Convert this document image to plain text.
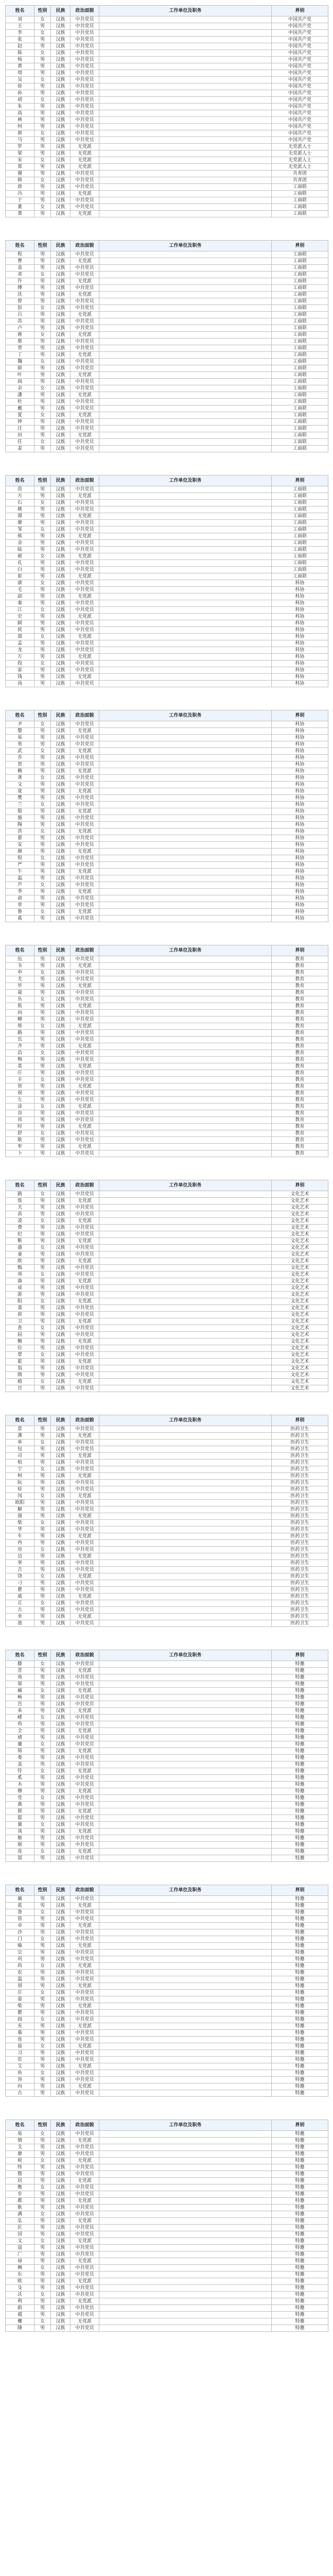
姓名	性别	民族	政治面貌	工作单位及职务	界别
刘	女	汉族	中共党员		中国共产党
王	男	汉族	中共党员		中国共产党
李	女	汉族	中共党员		中国共产党
张	男	汉族	中共党员		中国共产党
赵	男	汉族	中共党员		中国共产党
陈	女	汉族	中共党员		中国共产党
杨	男	汉族	中共党员		中国共产党
黄	男	汉族	中共党员		中国共产党
周	男	汉族	中共党员		中国共产党
吴	女	汉族	中共党员		中国共产党
徐	男	汉族	中共党员		中国共产党
孙	男	汉族	中共党员		中国共产党
胡	女	汉族	中共党员		中国共产党
朱	男	汉族	中共党员		中国共产党
高	男	汉族	中共党员		中国共产党
林	男	汉族	中共党员		中国共产党
何	男	汉族	中共党员		中国共产党
郭	女	汉族	中共党员		中国共产党
马	男	汉族	中共党员		中国共产党
罗	男	汉族	无党派		无党派人士
梁	男	汉族	无党派		无党派人士
宋	女	汉族	无党派		无党派人士
郑	男	汉族	无党派		无党派人士
谢	男	汉族	中共党员		共青团
韩	女	汉族	中共党员		共青团
唐	男	汉族	中共党员		工商联
冯	男	汉族	无党派		工商联
于	男	汉族	中共党员		工商联
董	女	汉族	中共党员		工商联
萧	男	汉族	无党派		工商联
姓名	性别	民族	政治面貌	工作单位及职务	界别
程	男	汉族	中共党员		工商联
曹	男	汉族	无党派		工商联
袁	男	汉族	中共党员		工商联
邓	女	汉族	中共党员		工商联
许	男	汉族	无党派		工商联
傅	男	汉族	中共党员		工商联
沈	男	汉族	无党派		工商联
曾	男	汉族	中共党员		工商联
彭	女	汉族	中共党员		工商联
吕	男	汉族	无党派		工商联
苏	男	汉族	中共党员		工商联
卢	男	汉族	中共党员		工商联
蒋	女	汉族	无党派		工商联
蔡	男	汉族	中共党员		工商联
贾	男	汉族	中共党员		工商联
丁	男	汉族	无党派		工商联
魏	女	汉族	中共党员		工商联
薛	男	汉族	中共党员		工商联
叶	男	汉族	无党派		工商联
阎	男	汉族	中共党员		工商联
余	女	汉族	中共党员		工商联
潘	男	汉族	无党派		工商联
杜	男	汉族	中共党员		工商联
戴	男	汉族	中共党员		工商联
夏	女	汉族	无党派		工商联
钟	男	汉族	中共党员		工商联
汪	男	汉族	中共党员		工商联
田	男	汉族	无党派		工商联
任	女	汉族	中共党员		工商联
姜	男	汉族	中共党员		工商联
姓名	性别	民族	政治面貌	工作单位及职务	界别
范	男	汉族	中共党员		工商联
方	男	汉族	无党派		工商联
石	女	汉族	中共党员		工商联
姚	男	汉族	中共党员		工商联
谭	男	汉族	无党派		工商联
廖	男	汉族	中共党员		工商联
邹	女	汉族	中共党员		工商联
熊	男	汉族	无党派		工商联
金	男	汉族	中共党员		工商联
陆	男	汉族	中共党员		工商联
郝	女	汉族	无党派		工商联
孔	男	汉族	中共党员		工商联
白	男	汉族	中共党员		工商联
崔	男	汉族	无党派		工商联
康	女	汉族	中共党员		科协
毛	男	汉族	中共党员		科协
邱	男	汉族	无党派		科协
秦	男	汉族	中共党员		科协
江	女	汉族	中共党员		科协
史	男	汉族	无党派		科协
顾	男	汉族	中共党员		科协
侯	男	汉族	中共党员		科协
邵	女	汉族	无党派		科协
孟	男	汉族	中共党员		科协
龙	男	汉族	中共党员		科协
万	男	汉族	无党派		科协
段	女	汉族	中共党员		科协
雷	男	汉族	中共党员		科协
钱	男	汉族	无党派		科协
汤	男	汉族	中共党员		科协
姓名	性别	民族	政治面貌	工作单位及职务	界别
尹	女	汉族	中共党员		科协
黎	男	汉族	无党派		科协
易	男	汉族	中共党员		科协
常	男	汉族	中共党员		科协
武	女	汉族	无党派		科协
乔	男	汉族	中共党员		科协
贺	男	汉族	中共党员		科协
赖	男	汉族	无党派		科协
龚	女	汉族	中共党员		科协
文	男	汉族	中共党员		科协
庞	男	汉族	无党派		科协
樊	男	汉族	中共党员		科协
兰	女	汉族	中共党员		科协
殷	男	汉族	无党派		科协
施	男	汉族	中共党员		科协
陶	男	汉族	中共党员		科协
洪	女	汉族	无党派		科协
翟	男	汉族	中共党员		科协
安	男	汉族	中共党员		科协
颜	男	汉族	无党派		科协
倪	女	汉族	中共党员		科协
严	男	汉族	中共党员		科协
牛	男	汉族	无党派		科协
温	男	汉族	中共党员		科协
芦	女	汉族	中共党员		科协
季	男	汉族	无党派		科协
俞	男	汉族	中共党员		科协
章	男	汉族	中共党员		科协
鲁	女	汉族	无党派		科协
葛	男	汉族	中共党员		科协
姓名	性别	民族	政治面貌	工作单位及职务	界别
伍	男	汉族	中共党员		教育
韦	男	汉族	无党派		教育
申	女	汉族	中共党员		教育
尤	男	汉族	中共党员		教育
毕	男	汉族	无党派		教育
聂	男	汉族	中共党员		教育
丛	女	汉族	中共党员		教育
焦	男	汉族	无党派		教育
向	男	汉族	中共党员		教育
柳	男	汉族	中共党员		教育
邢	女	汉族	无党派		教育
路	男	汉族	中共党员		教育
岳	男	汉族	中共党员		教育
齐	男	汉族	无党派		教育
沿	女	汉族	中共党员		教育
梅	男	汉族	中共党员		教育
莫	男	汉族	无党派		教育
庄	男	汉族	中共党员		教育
辛	女	汉族	中共党员		教育
管	男	汉族	无党派		教育
祝	男	汉族	中共党员		教育
左	男	汉族	中共党员		教育
涂	女	汉族	无党派		教育
谷	男	汉族	中共党员		教育
祁	男	汉族	中共党员		教育
时	男	汉族	无党派		教育
舒	女	汉族	中共党员		教育
耿	男	汉族	中共党员		教育
牟	男	汉族	无党派		教育
卜	男	汉族	中共党员		教育
姓名	性别	民族	政治面貌	工作单位及职务	界别
路	女	汉族	中共党员		文化艺术
詹	男	汉族	无党派		文化艺术
关	男	汉族	中共党员		文化艺术
苗	男	汉族	中共党员		文化艺术
凌	女	汉族	无党派		文化艺术
费	男	汉族	中共党员		文化艺术
纪	男	汉族	中共党员		文化艺术
靳	男	汉族	无党派		文化艺术
盛	女	汉族	中共党员		文化艺术
童	男	汉族	中共党员		文化艺术
欧	男	汉族	无党派		文化艺术
甄	男	汉族	中共党员		文化艺术
项	女	汉族	中共党员		文化艺术
曲	男	汉族	无党派		文化艺术
成	男	汉族	中共党员		文化艺术
游	男	汉族	中共党员		文化艺术
阳	女	汉族	无党派		文化艺术
裴	男	汉族	中共党员		文化艺术
席	男	汉族	中共党员		文化艺术
卫	男	汉族	无党派		文化艺术
查	女	汉族	中共党员		文化艺术
屈	男	汉族	中共党员		文化艺术
鲍	男	汉族	无党派		文化艺术
位	男	汉族	中共党员		文化艺术
覃	女	汉族	中共党员		文化艺术
霍	男	汉族	无党派		文化艺术
翁	男	汉族	中共党员		文化艺术
隋	男	汉族	中共党员		文化艺术
植	女	汉族	无党派		文化艺术
甘	男	汉族	中共党员		文化艺术
姓名	性别	民族	政治面貌	工作单位及职务	界别
景	男	汉族	中共党员		医药卫生
薄	男	汉族	无党派		医药卫生
单	女	汉族	中共党员		医药卫生
包	男	汉族	中共党员		医药卫生
司	男	汉族	无党派		医药卫生
柏	男	汉族	中共党员		医药卫生
宁	女	汉族	中共党员		医药卫生
柯	男	汉族	无党派		医药卫生
阮	男	汉族	中共党员		医药卫生
桂	男	汉族	中共党员		医药卫生
闵	女	汉族	无党派		医药卫生
欧阳	男	汉族	中共党员		医药卫生
解	男	汉族	中共党员		医药卫生
强	男	汉族	无党派		医药卫生
柴	女	汉族	中共党员		医药卫生
华	男	汉族	中共党员		医药卫生
车	男	汉族	无党派		医药卫生
冉	男	汉族	中共党员		医药卫生
房	女	汉族	中共党员		医药卫生
边	男	汉族	无党派		医药卫生
辜	男	汉族	中共党员		医药卫生
吉	男	汉族	中共党员		医药卫生
饶	女	汉族	无党派		医药卫生
刁	男	汉族	中共党员		医药卫生
瞿	男	汉族	中共党员		医药卫生
戚	男	汉族	无党派		医药卫生
丘	女	汉族	中共党员		医药卫生
古	男	汉族	中共党员		医药卫生
米	男	汉族	无党派		医药卫生
池	男	汉族	中共党员		医药卫生
姓名	性别	民族	政治面貌	工作单位及职务	界别
滕	女	汉族	中共党员		特邀
晋	男	汉族	无党派		特邀
苑	男	汉族	中共党员		特邀
邬	男	汉族	中共党员		特邀
臧	女	汉族	无党派		特邀
畅	男	汉族	中共党员		特邀
宫	男	汉族	中共党员		特邀
来	男	汉族	无党派		特邀
嵺	女	汉族	中共党员		特邀
苟	男	汉族	中共党员		特邀
全	男	汉族	无党派		特邀
褚	男	汉族	中共党员		特邀
廉	女	汉族	中共党员		特邀
简	男	汉族	无党派		特邀
娄	男	汉族	中共党员		特邀
盖	男	汉族	中共党员		特邀
符	女	汉族	无党派		特邀
奚	男	汉族	中共党员		特邀
木	男	汉族	中共党员		特邀
穆	男	汉族	无党派		特邀
党	女	汉族	中共党员		特邀
燕	男	汉族	中共党员		特邀
郎	男	汉族	无党派		特邀
邸	男	汉族	中共党员		特邀
冀	女	汉族	中共党员		特邀
谈	男	汉族	无党派		特邀
姬	男	汉族	中共党员		特邀
屠	男	汉族	中共党员		特邀
连	女	汉族	无党派		特邀
郜	男	汉族	中共党员		特邀
姓名	性别	民族	政治面貌	工作单位及职务	界别
蔺	男	汉族	中共党员		特邀
蓝	男	汉族	无党派		特邀
昝	女	汉族	中共党员		特邀
管	男	汉族	中共党员		特邀
卓	男	汉族	无党派		特邀
沙	男	汉族	中共党员		特邀
门	女	汉族	中共党员		特邀
喻	男	汉族	无党派		特邀
宗	男	汉族	中共党员		特邀
巩	男	汉族	中共党员		特邀
尚	女	汉族	无党派		特邀
农	男	汉族	中共党员		特邀
温	男	汉族	中共党员		特邀
别	男	汉族	无党派		特邀
庄	女	汉族	中共党员		特邀
晏	男	汉族	中共党员		特邀
柴	男	汉族	无党派		特邀
瞿	男	汉族	中共党员		特邀
阎	女	汉族	中共党员		特邀
充	男	汉族	无党派		特邀
慕	男	汉族	中共党员		特邀
连	男	汉族	中共党员		特邀
茹	女	汉族	无党派		特邀
习	男	汉族	中共党员		特邀
宦	男	汉族	中共党员		特邀
艾	男	汉族	无党派		特邀
鱼	女	汉族	中共党员		特邀
容	男	汉族	中共党员		特邀
向	男	汉族	无党派		特邀
古	男	汉族	中共党员		特邀
姓名	性别	民族	政治面貌	工作单位及职务	界别
易	女	汉族	中共党员		特邀
慎	男	汉族	无党派		特邀
戈	男	汉族	中共党员		特邀
廖	男	汉族	中共党员		特邀
庾	女	汉族	无党派		特邀
终	男	汉族	中共党员		特邀
暨	男	汉族	中共党员		特邀
居	男	汉族	无党派		特邀
衡	女	汉族	中共党员		特邀
步	男	汉族	中共党员		特邀
都	男	汉族	无党派		特邀
耿	男	汉族	中共党员		特邀
满	女	汉族	中共党员		特邀
弘	男	汉族	无党派		特邀
匡	男	汉族	中共党员		特邀
国	男	汉族	中共党员		特邀
文	女	汉族	无党派		特邀
寇	男	汉族	中共党员		特邀
广	男	汉族	中共党员		特邀
禄	男	汉族	无党派		特邀
阙	女	汉族	中共党员		特邀
东	男	汉族	中共党员		特邀
欧	男	汉族	无党派		特邀
殳	男	汉族	中共党员		特邀
沃	女	汉族	中共党员		特邀
利	男	汉族	无党派		特邀
蔚	男	汉族	中共党员		特邀
越	男	汉族	中共党员		特邀
夔	女	汉族	无党派		特邀
隆	男	汉族	中共党员		特邀
